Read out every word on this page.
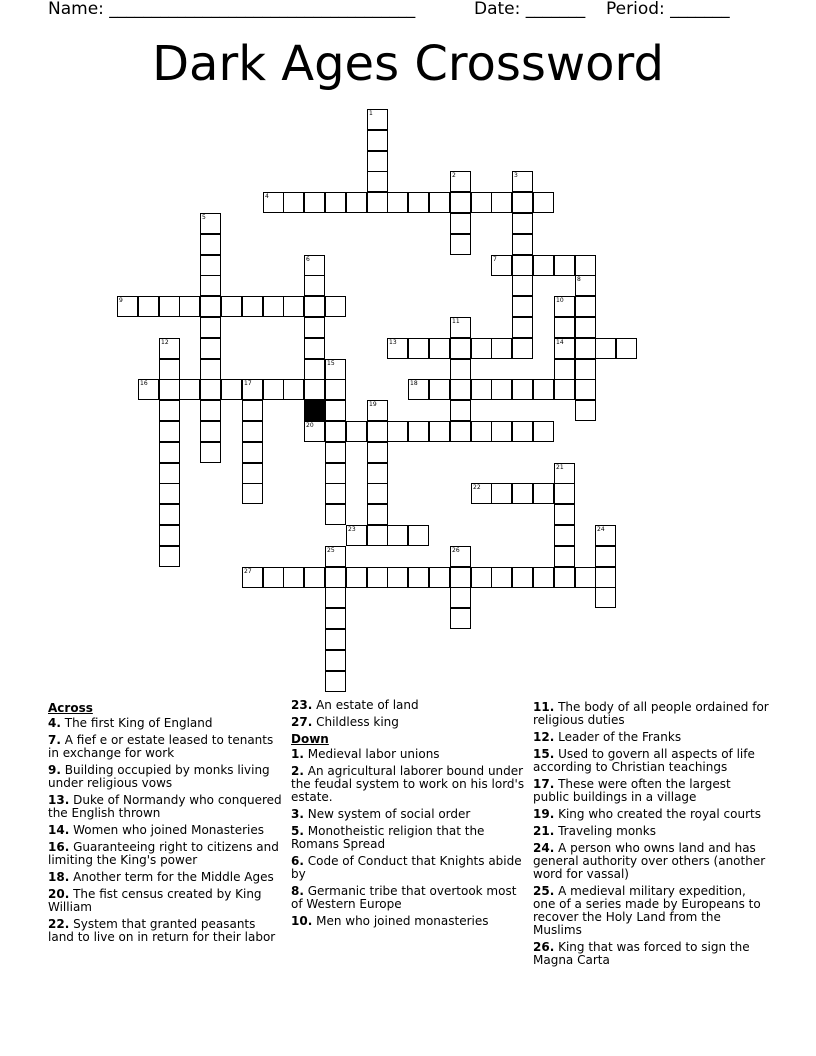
Name: ____________________________________	Date: _______ Period: _______
Dark Ages Crossword
1
2	3
4
5
6	7
8
9	10
14
11
12	13
15
16	17	18
19
20
21
22
23	24
25	26
27
Across
4. The first King of England
7. A fief e or estate leased to tenants in exchange for work
9. Building occupied by monks living under religious vows
13. Duke of Normandy who conquered the English thrown
14. Women who joined Monasteries
16. Guaranteeing right to citizens and limiting the King's power
18. Another term for the Middle Ages
20. The fist census created by King William
22. System that granted peasants land to live on in return for their labor
23. An estate of land
27. Childless king
Down
1. Medieval labor unions
2. An agricultural laborer bound under the feudal system to work on his lord's estate.
3. New system of social order
5. Monotheistic religion that the Romans Spread
6. Code of Conduct that Knights abide by
8. Germanic tribe that overtook most of Western Europe
10. Men who joined monasteries
11. The body of all people ordained for religious duties
12. Leader of the Franks
15. Used to govern all aspects of life according to Christian teachings
17. These were often the largest public buildings in a village
19. King who created the royal courts
21. Traveling monks
24. A person who owns land and has general authority over others (another word for vassal)
25. A medieval military expedition, one of a series made by Europeans to recover the Holy Land from the Muslims
26. King that was forced to sign the Magna Carta
